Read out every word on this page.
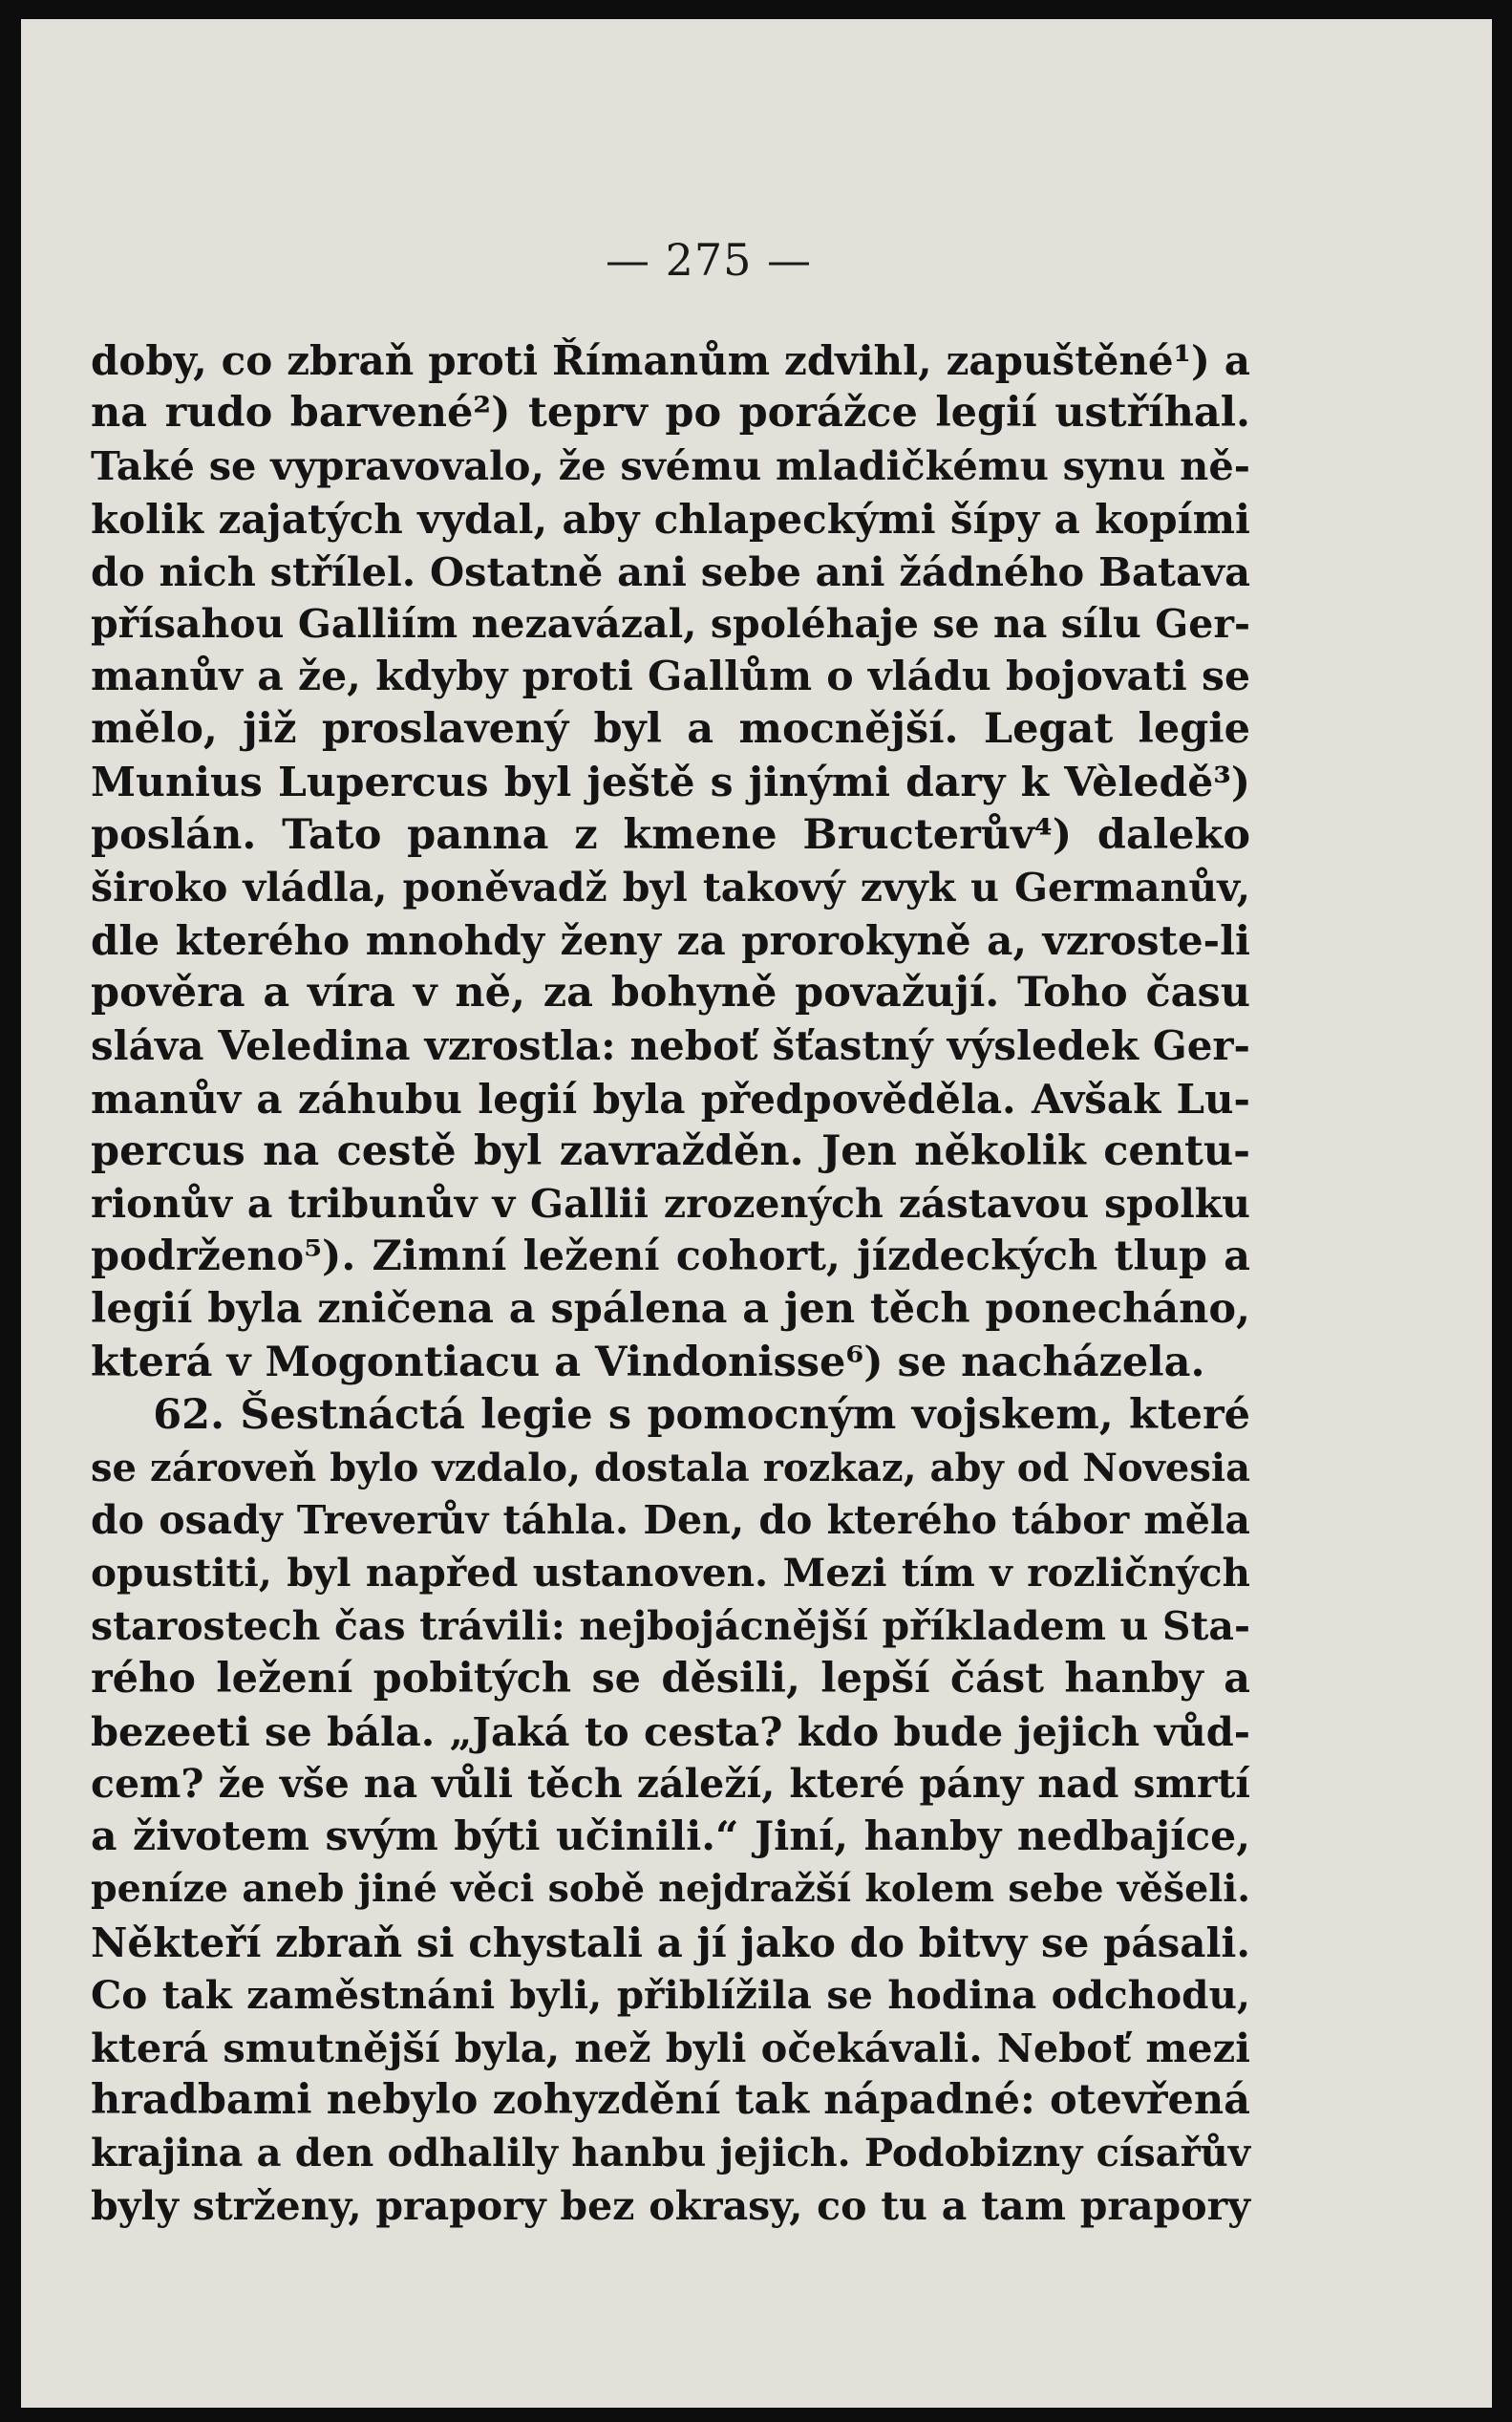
— 275 —
doby, co zbraň proti Římanům zdvihl, zapuštěné¹) a
na rudo barvené²) teprv po porážce legií ustříhal.
Také se vypravovalo, že svému mladičkému synu ně-
kolik zajatých vydal, aby chlapeckými šípy a kopími
do nich střílel. Ostatně ani sebe ani žádného Batava
přísahou Galliím nezavázal, spoléhaje se na sílu Ger-
manův a že, kdyby proti Gallům o vládu bojovati se
mělo, již proslavený byl a mocnější. Legat legie
Munius Lupercus byl ještě s jinými dary k Vèledě³)
poslán. Tato panna z kmene Bructerův⁴) daleko
široko vládla, poněvadž byl takový zvyk u Germanův,
dle kterého mnohdy ženy za prorokyně a, vzroste-li
pověra a víra v ně, za bohyně považují. Toho času
sláva Veledina vzrostla: neboť šťastný výsledek Ger-
manův a záhubu legií byla předpověděla. Avšak Lu-
percus na cestě byl zavražděn. Jen několik centu-
rionův a tribunův v Gallii zrozených zástavou spolku
podrženo⁵). Zimní ležení cohort, jízdeckých tlup a
legií byla zničena a spálena a jen těch ponecháno,
která v Mogontiacu a Vindonisse⁶) se nacházela.
62. Šestnáctá legie s pomocným vojskem, které
se zároveň bylo vzdalo, dostala rozkaz, aby od Novesia
do osady Treverův táhla. Den, do kterého tábor měla
opustiti, byl napřed ustanoven. Mezi tím v rozličných
starostech čas trávili: nejbojácnější příkladem u Sta-
rého ležení pobitých se děsili, lepší část hanby a
bezeeti se bála. „Jaká to cesta? kdo bude jejich vůd-
cem? že vše na vůli těch záleží, které pány nad smrtí
a životem svým býti učinili.“ Jiní, hanby nedbajíce,
peníze aneb jiné věci sobě nejdražší kolem sebe věšeli.
Někteří zbraň si chystali a jí jako do bitvy se pásali.
Co tak zaměstnáni byli, přiblížila se hodina odchodu,
která smutnější byla, než byli očekávali. Neboť mezi
hradbami nebylo zohyzdění tak nápadné: otevřená
krajina a den odhalily hanbu jejich. Podobizny císařův
byly strženy, prapory bez okrasy, co tu a tam prapory
